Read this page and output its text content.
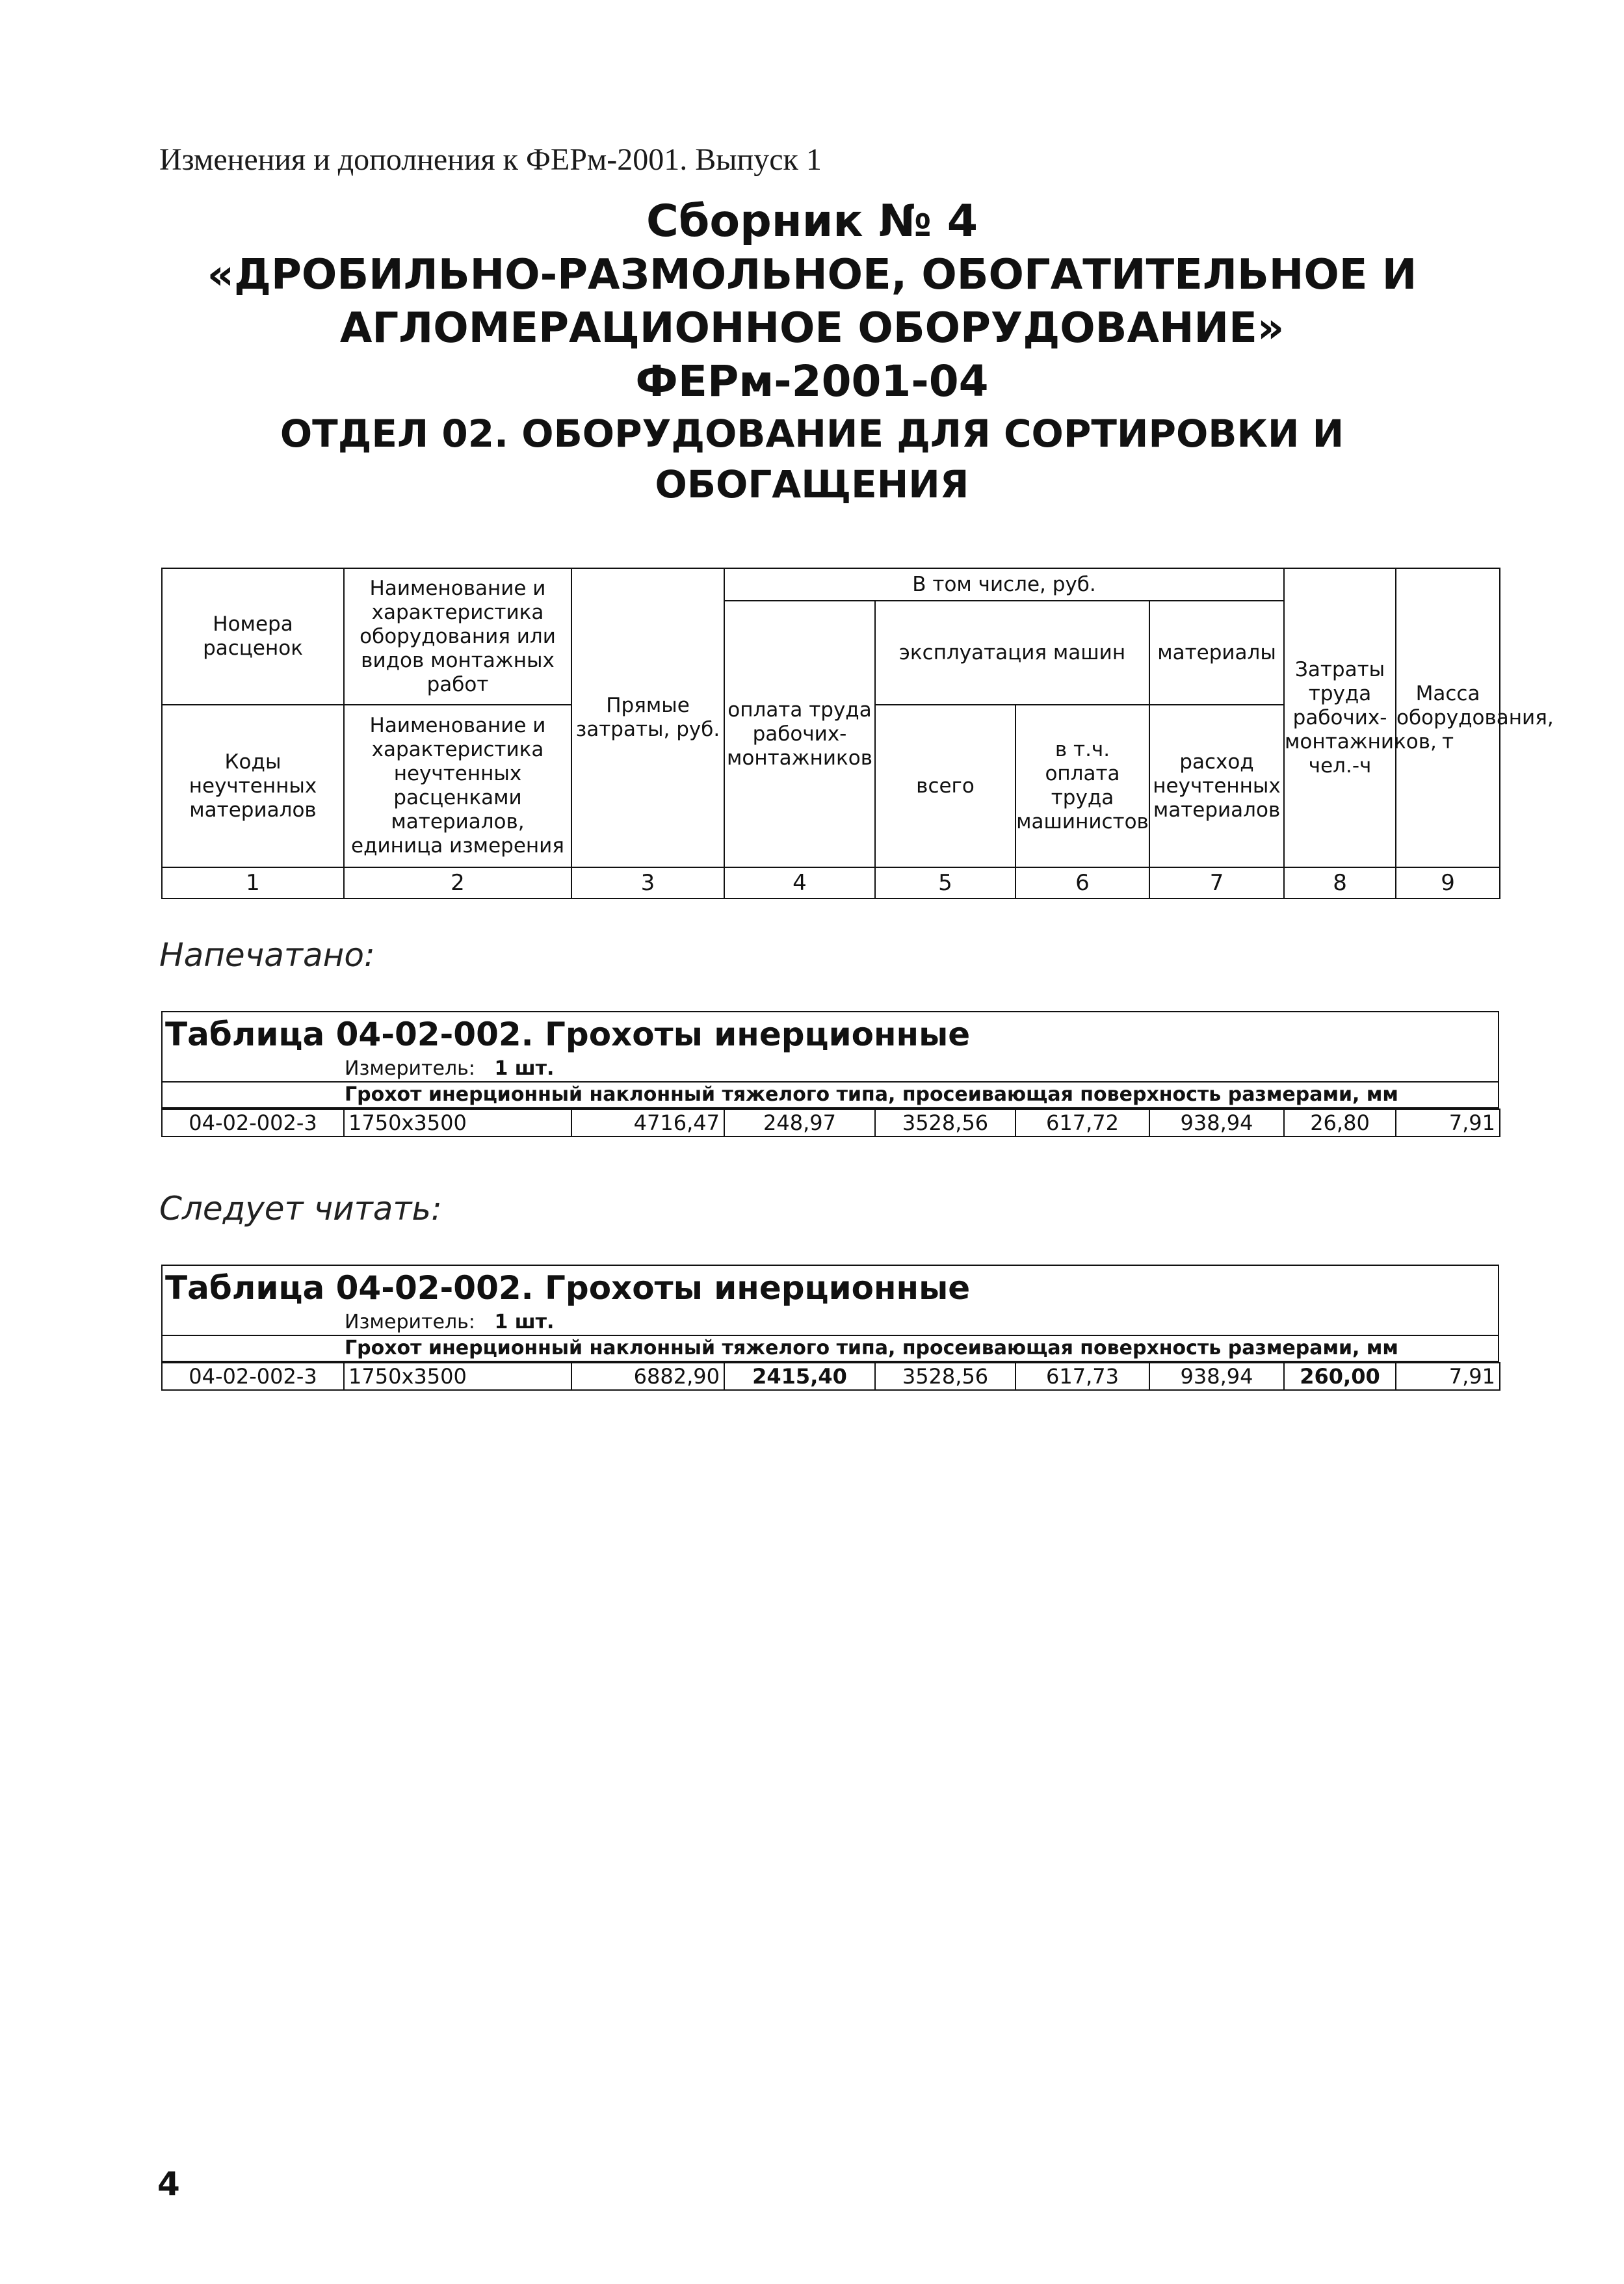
Изменения и дополнения к ФЕРм-2001. Выпуск 1
Сборник № 4
«ДРОБИЛЬНО-РАЗМОЛЬНОЕ, ОБОГАТИТЕЛЬНОЕ И
АГЛОМЕРАЦИОННОЕ ОБОРУДОВАНИЕ»
ФЕРм-2001-04
ОТДЕЛ 02. ОБОРУДОВАНИЕ ДЛЯ СОРТИРОВКИ И
ОБОГАЩЕНИЯ
Номера расценок	Наименование и характеристика оборудования или видов монтажных работ	Прямые затраты, руб.	В том числе, руб.				Затраты труда рабочих-монтажников, чел.-ч	Массa оборудования, т
			оплата труда рабочих-монтажников	эксплуатация машин		материалы		
Коды неучтенных материалов	Наименование и характеристика неучтенных расценками материалов, единица измерения			всего	в т.ч. оплата труда машинистов	расход неучтенных материалов		
1	2	3	4	5	6	7	8	9
Напечатано:
Таблица 04-02-002. Грохоты инерционные
Измеритель: 1 шт.
Грохот инерционный наклонный тяжелого типа, просеивающая поверхность размерами, мм
04-02-002-3	1750x3500	4716,47	248,97	3528,56	617,72	938,94	26,80	7,91
Следует читать:
Таблица 04-02-002. Грохоты инерционные
Измеритель: 1 шт.
Грохот инерционный наклонный тяжелого типа, просеивающая поверхность размерами, мм
04-02-002-3	1750x3500	6882,90	2415,40	3528,56	617,73	938,94	260,00	7,91
4
